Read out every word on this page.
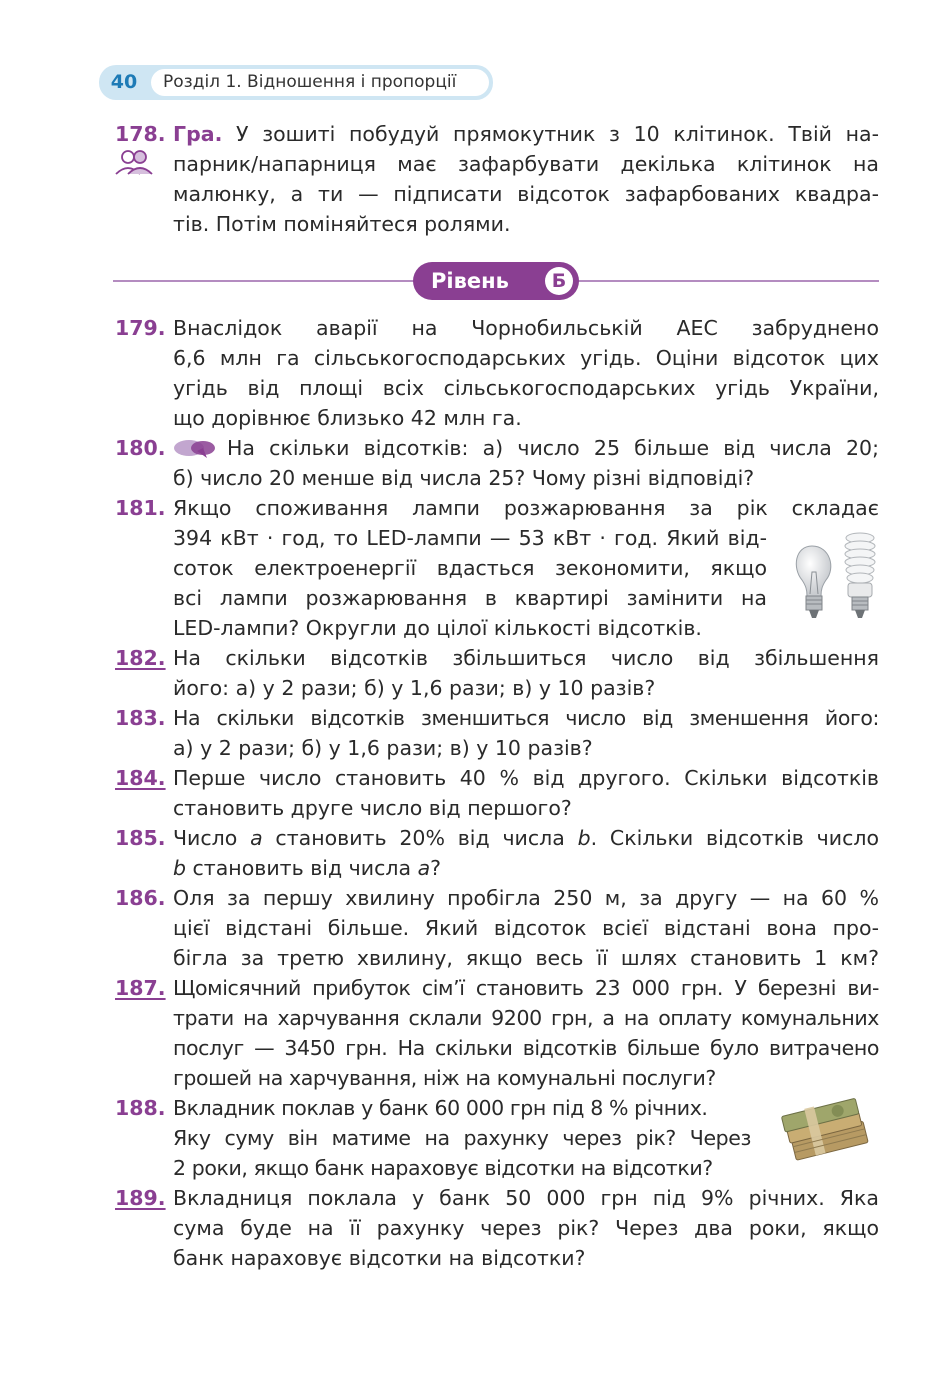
40	Розділ 1. Відношення і пропорції
178. Гра. У зошиті побудуй прямокутник з 10 клітинок. Твій на-
парник/напарниця має зафарбувати декілька клітинок на
малюнку, а ти — підписати відсоток зафарбованих квадра-
тів. Потім поміняйтеся ролями.
Рівень	Б
179. Внаслідок аварії на Чорнобильській АЕС забруднено
6,6 млн га сільськогосподарських угідь. Оціни відсоток цих
угідь від площі всіх сільськогосподарських угідь України,
що дорівнює близько 42 млн га.
180.	На скільки відсотків: а) число 25 більше від числа 20;
б) число 20 менше від числа 25? Чому різні відповіді?
181. Якщо споживання лампи розжарювання за рік складає
394 кВт · год, то LED-лампи — 53 кВт · год. Який від-
соток електроенергії вдасться зекономити, якщо
всі лампи розжарювання в квартирі замінити на
LED-лампи? Округли до цілої кількості відсотків.
182. На скільки відсотків збільшиться число від збільшення
його: а) у 2 рази; б) у 1,6 рази; в) у 10 разів?
183. На скільки відсотків зменшиться число від зменшення його:
а) у 2 рази; б) у 1,6 рази; в) у 10 разів?
184. Перше число становить 40 % від другого. Скільки відсотків
становить друге число від першого?
185. Число a становить 20% від числа b. Скільки відсотків число
b становить від числа a?
186. Оля за першу хвилину пробігла 250 м, за другу — на 60 %
цієї відстані більше. Який відсоток всієї відстані вона про-
бігла за третю хвилину, якщо весь її шлях становить 1 км?
187. Щомісячний прибуток сім’ї становить 23 000 грн. У березні ви-
трати на харчування склали 9200 грн, а на оплату комунальних
послуг — 3450 грн. На скільки відсотків більше було витрачено
грошей на харчування, ніж на комунальні послуги?
188. Вкладник поклав у банк 60 000 грн під 8 % річних.
Яку суму він матиме на рахунку через рік? Через
2 роки, якщо банк нараховує відсотки на відсотки?
189. Вкладниця поклала у банк 50 000 грн під 9% річних. Яка
сума буде на її рахунку через рік? Через два роки, якщо
банк нараховує відсотки на відсотки?
